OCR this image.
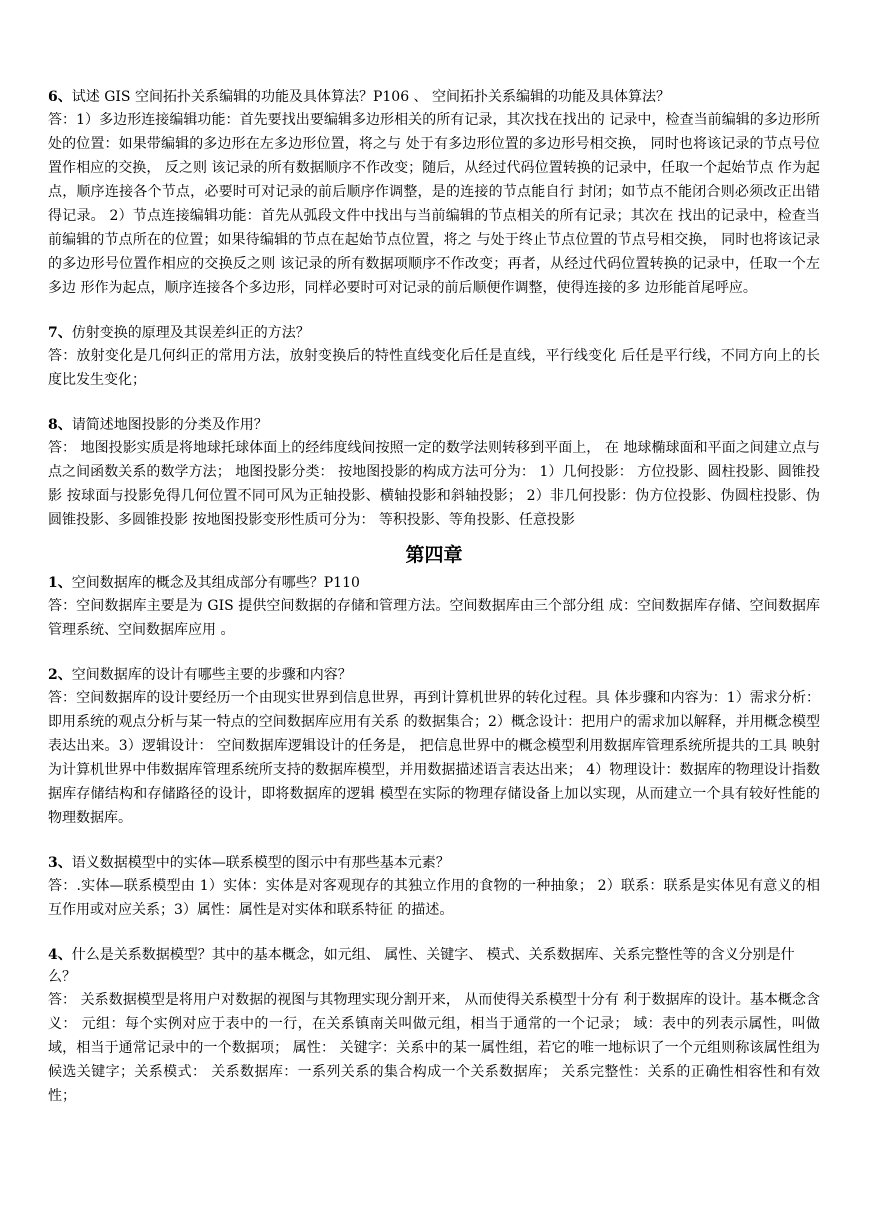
6、试述 GIS 空间拓扑关系编辑的功能及具体算法？P106 、 空间拓扑关系编辑的功能及具体算法？

答：1）多边形连接编辑功能：首先要找出要编辑多边形相关的所有记录，其次找在找出的 记录中，检查当前编辑的多边形所处的位置：如果带编辑的多边形在左多边形位置，将之与 处于有多边形位置的多边形号相交换， 同时也将该记录的节点号位置作相应的交换， 反之则 该记录的所有数据顺序不作改变；随后，从经过代码位置转换的记录中，任取一个起始节点 作为起点，顺序连接各个节点，必要时可对记录的前后顺序作调整，是的连接的节点能自行 封闭；如节点不能闭合则必须改正出错得记录。 2）节点连接编辑功能：首先从弧段文件中找出与当前编辑的节点相关的所有记录；其次在 找出的记录中，检查当前编辑的节点所在的位置；如果待编辑的节点在起始节点位置，将之 与处于终止节点位置的节点号相交换， 同时也将该记录的多边形号位置作相应的交换反之则 该记录的所有数据项顺序不作改变；再者，从经过代码位置转换的记录中，任取一个左多边 形作为起点，顺序连接各个多边形，同样必要时可对记录的前后顺便作调整，使得连接的多 边形能首尾呼应。

7、仿射变换的原理及其误差纠正的方法？

答：放射变化是几何纠正的常用方法，放射变换后的特性直线变化后任是直线，平行线变化 后任是平行线，不同方向上的长度比发生变化；

8、请简述地图投影的分类及作用？

答： 地图投影实质是将地球托球体面上的经纬度线间按照一定的数学法则转移到平面上， 在 地球椭球面和平面之间建立点与点之间函数关系的数学方法； 地图投影分类： 按地图投影的构成方法可分为： 1）几何投影： 方位投影、圆柱投影、圆锥投影 按球面与投影免得几何位置不同可风为正轴投影、横轴投影和斜轴投影； 2）非几何投影：伪方位投影、伪圆柱投影、伪圆锥投影、多圆锥投影 按地图投影变形性质可分为： 等积投影、等角投影、任意投影

第四章

1、空间数据库的概念及其组成部分有哪些？P110

答：空间数据库主要是为 GIS 提供空间数据的存储和管理方法。空间数据库由三个部分组 成：空间数据库存储、空间数据库管理系统、空间数据库应用 。

2、空间数据库的设计有哪些主要的步骤和内容？

答：空间数据库的设计要经历一个由现实世界到信息世界，再到计算机世界的转化过程。具 体步骤和内容为：1）需求分析：即用系统的观点分析与某一特点的空间数据库应用有关系 的数据集合；2）概念设计：把用户的需求加以解释，并用概念模型表达出来。3）逻辑设计： 空间数据库逻辑设计的任务是， 把信息世界中的概念模型利用数据库管理系统所提共的工具 映射为计算机世界中伟数据库管理系统所支持的数据库模型，并用数据描述语言表达出来； 4）物理设计：数据库的物理设计指数据库存储结构和存储路径的设计，即将数据库的逻辑 模型在实际的物理存储设备上加以实现，从而建立一个具有较好性能的物理数据库。

3、语义数据模型中的实体—联系模型的图示中有那些基本元素？

答：.实体—联系模型由 1）实体：实体是对客观现存的其独立作用的食物的一种抽象； 2）联系：联系是实体见有意义的相互作用或对应关系；3）属性：属性是对实体和联系特征 的描述。

4、什么是关系数据模型？其中的基本概念，如元组、 属性、关键字、 模式、关系数据库、关系完整性等的含义分别是什么？

答： 关系数据模型是将用户对数据的视图与其物理实现分割开来， 从而使得关系模型十分有 利于数据库的设计。基本概念含义： 元组：每个实例对应于表中的一行，在关系镇南关叫做元组，相当于通常的一个记录； 域：表中的列表示属性，叫做域，相当于通常记录中的一个数据项； 属性： 关键字：关系中的某一属性组，若它的唯一地标识了一个元组则称该属性组为候选关键字；关系模式： 关系数据库：一系列关系的集合构成一个关系数据库； 关系完整性：关系的正确性相容性和有效性；
